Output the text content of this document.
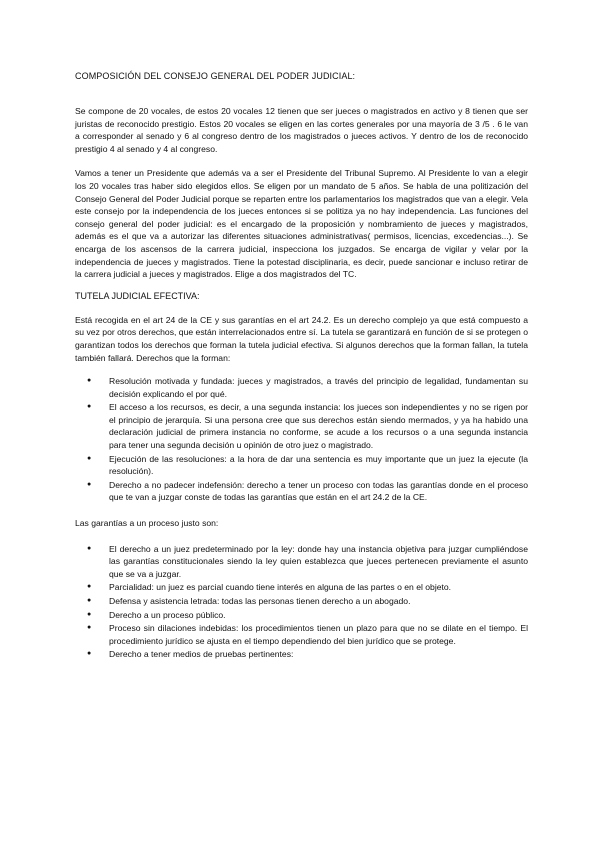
COMPOSICIÓN DEL CONSEJO GENERAL DEL PODER JUDICIAL:

Se compone de 20 vocales, de estos 20 vocales 12 tienen que ser jueces o magistrados en activo y 8 tienen que ser juristas de reconocido prestigio. Estos 20 vocales se eligen en las cortes generales por una mayoría de 3 /5 . 6 le van a corresponder al senado y 6 al congreso dentro de los magistrados o jueces activos. Y dentro de los de reconocido prestigio 4 al senado y 4 al congreso.

Vamos a tener un Presidente que además va a ser el Presidente del Tribunal Supremo. Al Presidente lo van a elegir los 20 vocales tras haber sido elegidos ellos. Se eligen por un mandato de 5 años. Se habla de una politización del Consejo General del Poder Judicial porque se reparten entre los parlamentarios los magistrados que van a elegir. Vela este consejo por la independencia de los jueces entonces si se politiza ya no hay independencia. Las funciones del consejo general del poder judicial: es el encargado de la proposición y nombramiento de jueces y magistrados, además es el que va a autorizar las diferentes situaciones administrativas( permisos, licencias, excedencias...). Se encarga de los ascensos de la carrera judicial, inspecciona los juzgados. Se encarga de vigilar y velar por la independencia de jueces y magistrados. Tiene la potestad disciplinaria, es decir, puede sancionar e incluso retirar de la carrera judicial a jueces y magistrados. Elige a dos magistrados del TC.

TUTELA JUDICIAL EFECTIVA:

Está recogida en el art 24 de la CE y sus garantías en el art 24.2. Es un derecho complejo ya que está compuesto a su vez por otros derechos, que están interrelacionados entre sí. La tutela se garantizará en función de si se protegen o garantizan todos los derechos que forman la tutela judicial efectiva. Si algunos derechos que la forman fallan, la tutela también fallará. Derechos que la forman:

● Resolución motivada y fundada: jueces y magistrados, a través del principio de legalidad, fundamentan su decisión explicando el por qué.
● El acceso a los recursos, es decir, a una segunda instancia: los jueces son independientes y no se rigen por el principio de jerarquía. Si una persona cree que sus derechos están siendo mermados, y ya ha habido una declaración judicial de primera instancia no conforme, se acude a los recursos o a una segunda instancia para tener una segunda decisión u opinión de otro juez o magistrado.
● Ejecución de las resoluciones: a la hora de dar una sentencia es muy importante que un juez la ejecute (la resolución).
● Derecho a no padecer indefensión: derecho a tener un proceso con todas las garantías donde en el proceso que te van a juzgar conste de todas las garantías que están en el art 24.2 de la CE.

Las garantías a un proceso justo son:

● El derecho a un juez predeterminado por la ley: donde hay una instancia objetiva para juzgar cumpliéndose las garantías constitucionales siendo la ley quien establezca que jueces pertenecen previamente el asunto que se va a juzgar.
● Parcialidad: un juez es parcial cuando tiene interés en alguna de las partes o en el objeto.
● Defensa y asistencia letrada: todas las personas tienen derecho a un abogado.
● Derecho a un proceso público.
● Proceso sin dilaciones indebidas: los procedimientos tienen un plazo para que no se dilate en el tiempo. El procedimiento jurídico se ajusta en el tiempo dependiendo del bien jurídico que se protege.
● Derecho a tener medios de pruebas pertinentes:
